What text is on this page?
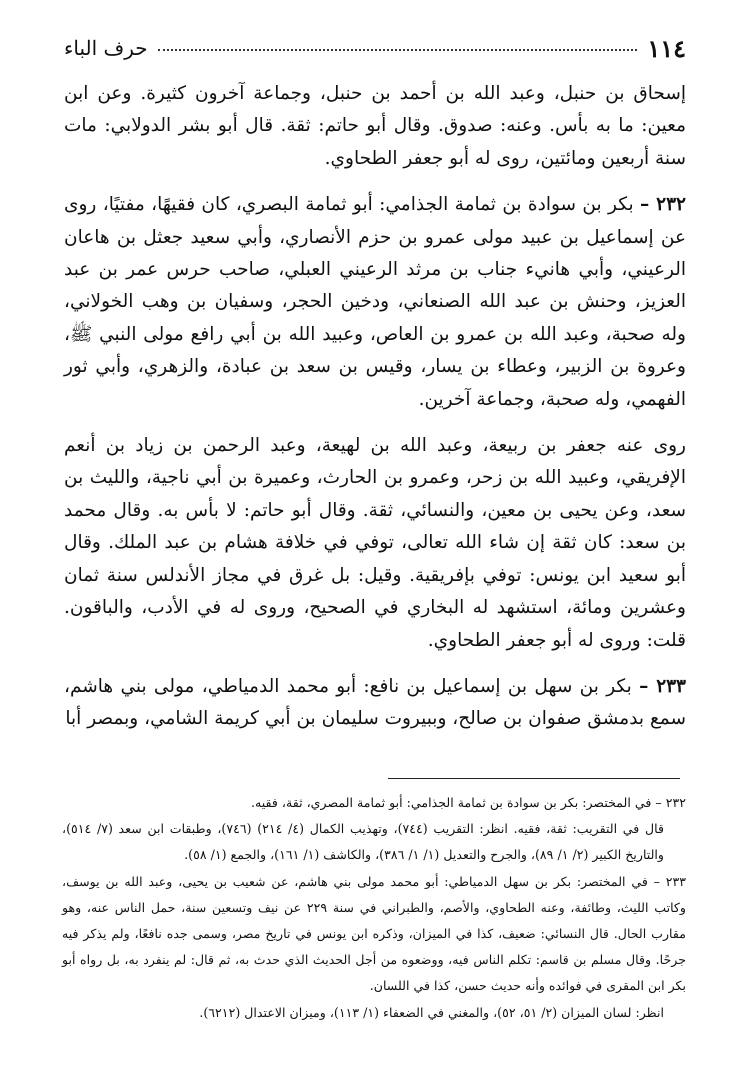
١١٤
حرف الباء

إسحاق بن حنبل، وعبد الله بن أحمد بن حنبل، وجماعة آخرون كثيرة. وعن ابن معين: ما به بأس. وعنه: صدوق. وقال أبو حاتم: ثقة. قال أبو بشر الدولابي: مات سنة أربعين ومائتين، روى له أبو جعفر الطحاوي.

٢٣٢ – بكر بن سوادة بن ثمامة الجذامي: أبو ثمامة البصري، كان فقيهًا، مفتيًا، روى عن إسماعيل بن عبيد مولى عمرو بن حزم الأنصاري، وأبي سعيد جعثل بن هاعان الرعيني، وأبي هانيء جناب بن مرثد الرعيني العبلي، صاحب حرس عمر بن عبد العزيز، وحنش بن عبد الله الصنعاني، ودخين الحجر، وسفيان بن وهب الخولاني، وله صحبة، وعبد الله بن عمرو بن العاص، وعبيد الله بن أبي رافع مولى النبي ﷺ، وعروة بن الزبير، وعطاء بن يسار، وقيس بن سعد بن عبادة، والزهري، وأبي ثور الفهمي، وله صحبة، وجماعة آخرين.

روى عنه جعفر بن ربيعة، وعبد الله بن لهيعة، وعبد الرحمن بن زياد بن أنعم الإفريقي، وعبيد الله بن زحر، وعمرو بن الحارث، وعميرة بن أبي ناجية، والليث بن سعد، وعن يحيى بن معين، والنسائي، ثقة. وقال أبو حاتم: لا بأس به. وقال محمد بن سعد: كان ثقة إن شاء الله تعالى، توفي في خلافة هشام بن عبد الملك. وقال أبو سعيد ابن يونس: توفي بإفريقية. وقيل: بل غرق في مجاز الأندلس سنة ثمان وعشرين ومائة، استشهد له البخاري في الصحيح، وروى له في الأدب، والباقون. قلت: وروى له أبو جعفر الطحاوي.

٢٣٣ – بكر بن سهل بن إسماعيل بن نافع: أبو محمد الدمياطي، مولى بني هاشم، سمع بدمشق صفوان بن صالح، وببيروت سليمان بن أبي كريمة الشامي، وبمصر أبا

٢٣٢ – في المختصر: بكر بن سوادة بن ثمامة الجذامي: أبو ثمامة المصري، ثقة، فقيه.

قال في التقريب: ثقة، فقيه. انظر: التقريب (٧٤٤)، وتهذيب الكمال (٤/ ٢١٤) (٧٤٦)، وطبقات ابن سعد (٧/ ٥١٤)، والتاريخ الكبير (٢/ ١/ ٨٩)، والجرح والتعديل (١/ ١/ ٣٨٦)، والكاشف (١/ ١٦١)، والجمع (١/ ٥٨).

٢٣٣ – في المختصر: بكر بن سهل الدمياطي: أبو محمد مولى بني هاشم، عن شعيب بن يحيى، وعبد الله بن يوسف، وكاتب الليث، وطائفة، وعنه الطحاوي، والأصم، والطبراني في سنة ٢٢٩ عن نيف وتسعين سنة، حمل الناس عنه، وهو مقارب الحال. قال النسائي: ضعيف، كذا في الميزان، وذكره ابن يونس في تاريخ مصر، وسمى جده نافعًا، ولم يذكر فيه جرحًا. وقال مسلم بن قاسم: تكلم الناس فيه، ووضعوه من أجل الحديث الذي حدث به، ثم قال: لم ينفرد به، بل رواه أبو بكر ابن المقرى في فوائده وأنه حديث حسن، كذا في اللسان.

انظر: لسان الميزان (٢/ ٥١، ٥٢)، والمغني في الضعفاء (١/ ١١٣)، وميزان الاعتدال (٦٢١٢).
